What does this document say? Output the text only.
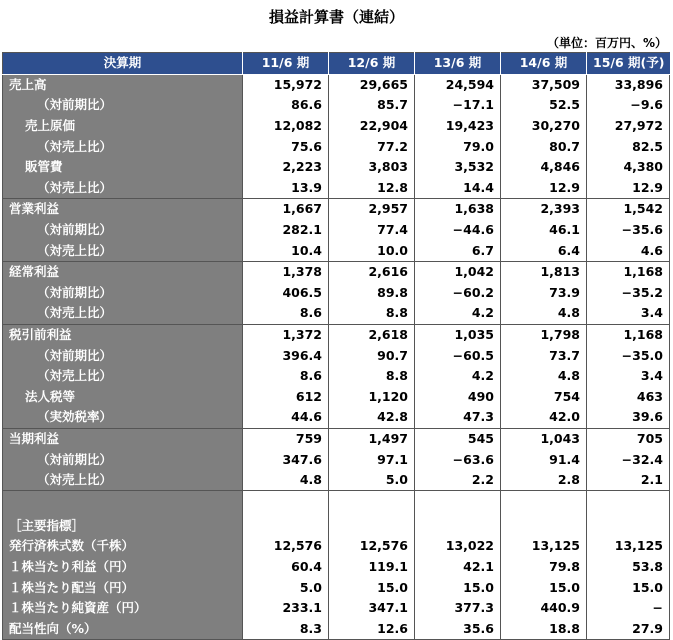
損益計算書（連結）
（単位：百万円、%）
決算期	11/6 期	12/6 期	13/6 期	14/6 期	15/6 期(予)
売上高	15,972	29,665	24,594	37,509	33,896
（対前期比）	86.6	85.7	−17.1	52.5	−9.6
売上原価	12,082	22,904	19,423	30,270	27,972
（対売上比）	75.6	77.2	79.0	80.7	82.5
販管費	2,223	3,803	3,532	4,846	4,380
（対売上比）	13.9	12.8	14.4	12.9	12.9
営業利益	1,667	2,957	1,638	2,393	1,542
（対前期比）	282.1	77.4	−44.6	46.1	−35.6
（対売上比）	10.4	10.0	6.7	6.4	4.6
経常利益	1,378	2,616	1,042	1,813	1,168
（対前期比）	406.5	89.8	−60.2	73.9	−35.2
（対売上比）	8.6	8.8	4.2	4.8	3.4
税引前利益	1,372	2,618	1,035	1,798	1,168
（対前期比）	396.4	90.7	−60.5	73.7	−35.0
（対売上比）	8.6	8.8	4.2	4.8	3.4
法人税等	612	1,120	490	754	463
（実効税率）	44.6	42.8	47.3	42.0	39.6
当期利益	759	1,497	545	1,043	705
（対前期比）	347.6	97.1	−63.6	91.4	−32.4
（対売上比）	4.8	5.0	2.2	2.8	2.1

［主要指標］					
発行済株式数（千株）	12,576	12,576	13,022	13,125	13,125
１株当たり利益（円）	60.4	119.1	42.1	79.8	53.8
１株当たり配当（円）	5.0	15.0	15.0	15.0	15.0
１株当たり純資産（円）	233.1	347.1	377.3	440.9	−
配当性向（%）	8.3	12.6	35.6	18.8	27.9
